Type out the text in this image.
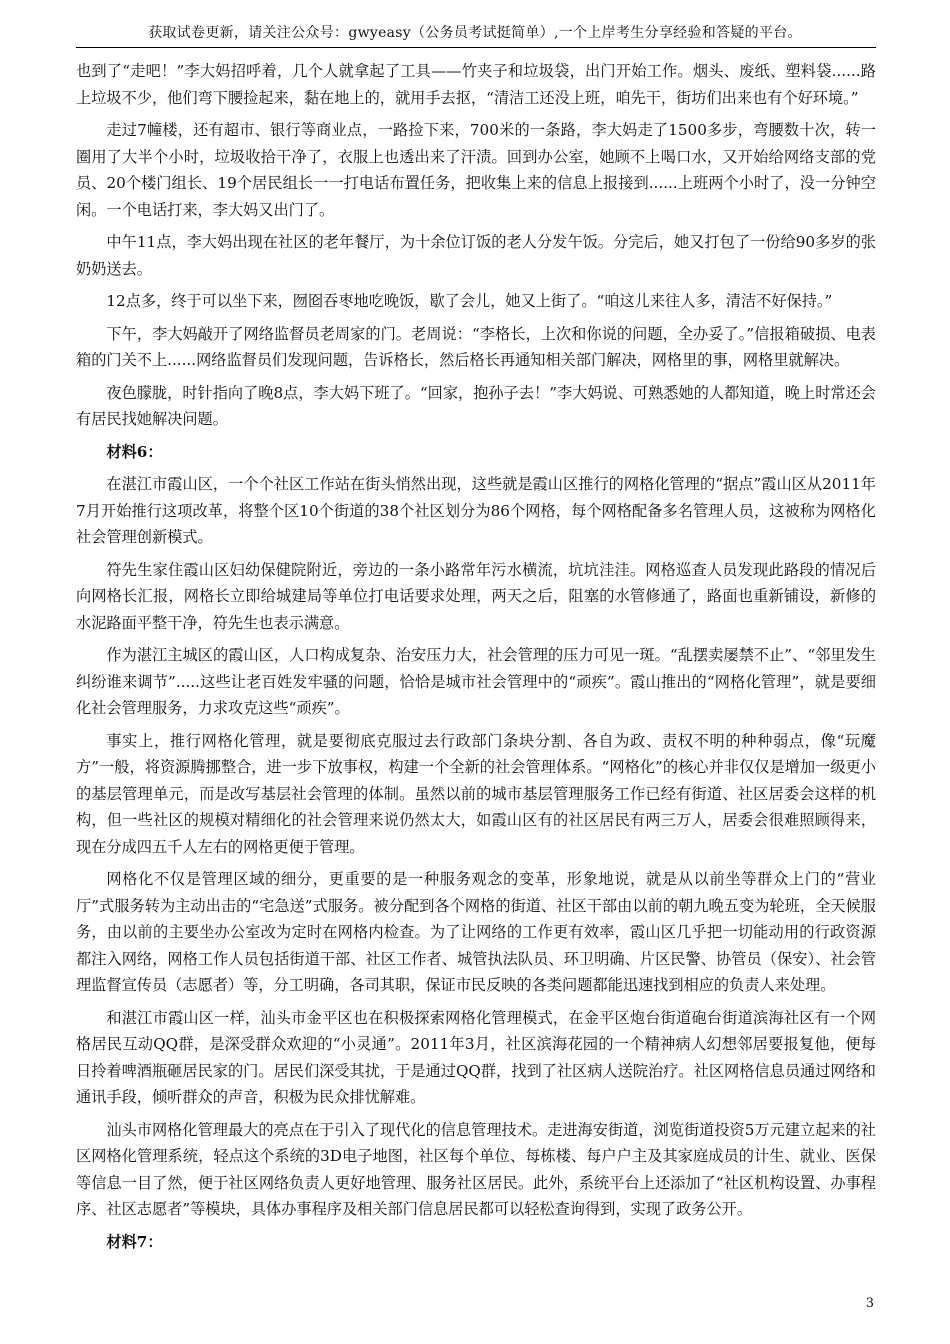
获取试卷更新，请关注公众号：gwyeasy（公务员考试挺简单）,一个上岸考生分享经验和答疑的平台。

也到了“走吧！”李大妈招呼着，几个人就拿起了工具——竹夹子和垃圾袋，出门开始工作。烟头、废纸、塑料袋......路上垃圾不少，他们弯下腰捡起来，黏在地上的，就用手去抠，“清洁工还没上班，咱先干，街坊们出来也有个好环境。”

走过7幢楼，还有超市、银行等商业点，一路捡下来，700米的一条路，李大妈走了1500多步，弯腰数十次，转一圈用了大半个小时，垃圾收拾干净了，衣服上也透出来了汗渍。回到办公室，她顾不上喝口水，又开始给网络支部的党员、20个楼门组长、19个居民组长一一打电话布置任务，把收集上来的信息上报接到......上班两个小时了，没一分钟空闲。一个电话打来，李大妈又出门了。

中午11点，李大妈出现在社区的老年餐厅，为十余位订饭的老人分发午饭。分完后，她又打包了一份给90多岁的张奶奶送去。

12点多，终于可以坐下来，囫囵吞枣地吃晚饭，歇了会儿，她又上街了。“咱这儿来往人多，清洁不好保持。”

下午，李大妈敲开了网络监督员老周家的门。老周说：“李格长，上次和你说的问题，全办妥了。”信报箱破损、电表箱的门关不上......网络监督员们发现问题，告诉格长，然后格长再通知相关部门解决，网格里的事，网格里就解决。

夜色朦胧，时针指向了晚8点，李大妈下班了。“回家，抱孙子去！”李大妈说、可熟悉她的人都知道，晚上时常还会有居民找她解决问题。

材料6：

在湛江市霞山区，一个个社区工作站在街头悄然出现，这些就是霞山区推行的网格化管理的“据点”霞山区从2011年7月开始推行这项改革，将整个区10个街道的38个社区划分为86个网格，每个网格配备多名管理人员，这被称为网格化社会管理创新模式。

符先生家住霞山区妇幼保健院附近，旁边的一条小路常年污水横流，坑坑洼洼。网格巡查人员发现此路段的情况后向网格长汇报，网格长立即给城建局等单位打电话要求处理，两天之后，阻塞的水管修通了，路面也重新铺设，新修的水泥路面平整干净，符先生也表示满意。

作为湛江主城区的霞山区，人口构成复杂、治安压力大，社会管理的压力可见一斑。“乱摆卖屡禁不止”、“邻里发生纠纷谁来调节”.....这些让老百姓发牢骚的问题，恰恰是城市社会管理中的“顽疾”。霞山推出的“网格化管理”，就是要细化社会管理服务，力求攻克这些“顽疾”。

事实上，推行网格化管理，就是要彻底克服过去行政部门条块分割、各自为政、责权不明的种种弱点，像“玩魔方”一般，将资源腾挪整合，进一步下放事权，构建一个全新的社会管理体系。“网格化”的核心并非仅仅是增加一级更小的基层管理单元，而是改写基层社会管理的体制。虽然以前的城市基层管理服务工作已经有街道、社区居委会这样的机构，但一些社区的规模对精细化的社会管理来说仍然太大，如霞山区有的社区居民有两三万人，居委会很难照顾得来，现在分成四五千人左右的网格更便于管理。

网格化不仅是管理区域的细分，更重要的是一种服务观念的变革，形象地说，就是从以前坐等群众上门的“营业厅”式服务转为主动出击的“宅急送”式服务。被分配到各个网格的街道、社区干部由以前的朝九晚五变为轮班，全天候服务，由以前的主要坐办公室改为定时在网格内检查。为了让网络的工作更有效率，霞山区几乎把一切能动用的行政资源都注入网络，网格工作人员包括街道干部、社区工作者、城管执法队员、环卫明确、片区民警、协管员（保安）、社会管理监督宣传员（志愿者）等，分工明确，各司其职，保证市民反映的各类问题都能迅速找到相应的负责人来处理。

和湛江市霞山区一样，汕头市金平区也在积极探索网格化管理模式，在金平区炮台街道砲台街道滨海社区有一个网格居民互动QQ群，是深受群众欢迎的“小灵通”。2011年3月，社区滨海花园的一个精神病人幻想邻居要报复他，便每日拎着啤酒瓶砸居民家的门。居民们深受其扰，于是通过QQ群，找到了社区病人送院治疗。社区网格信息员通过网络和通讯手段，倾听群众的声音，积极为民众排忧解难。

汕头市网格化管理最大的亮点在于引入了现代化的信息管理技术。走进海安街道，浏览街道投资5万元建立起来的社区网格化管理系统，轻点这个系统的3D电子地图，社区每个单位、每栋楼、每户户主及其家庭成员的计生、就业、医保等信息一目了然，便于社区网络负责人更好地管理、服务社区居民。此外，系统平台上还添加了“社区机构设置、办事程序、社区志愿者”等模块，具体办事程序及相关部门信息居民都可以轻松查询得到，实现了政务公开。

材料7：

3
